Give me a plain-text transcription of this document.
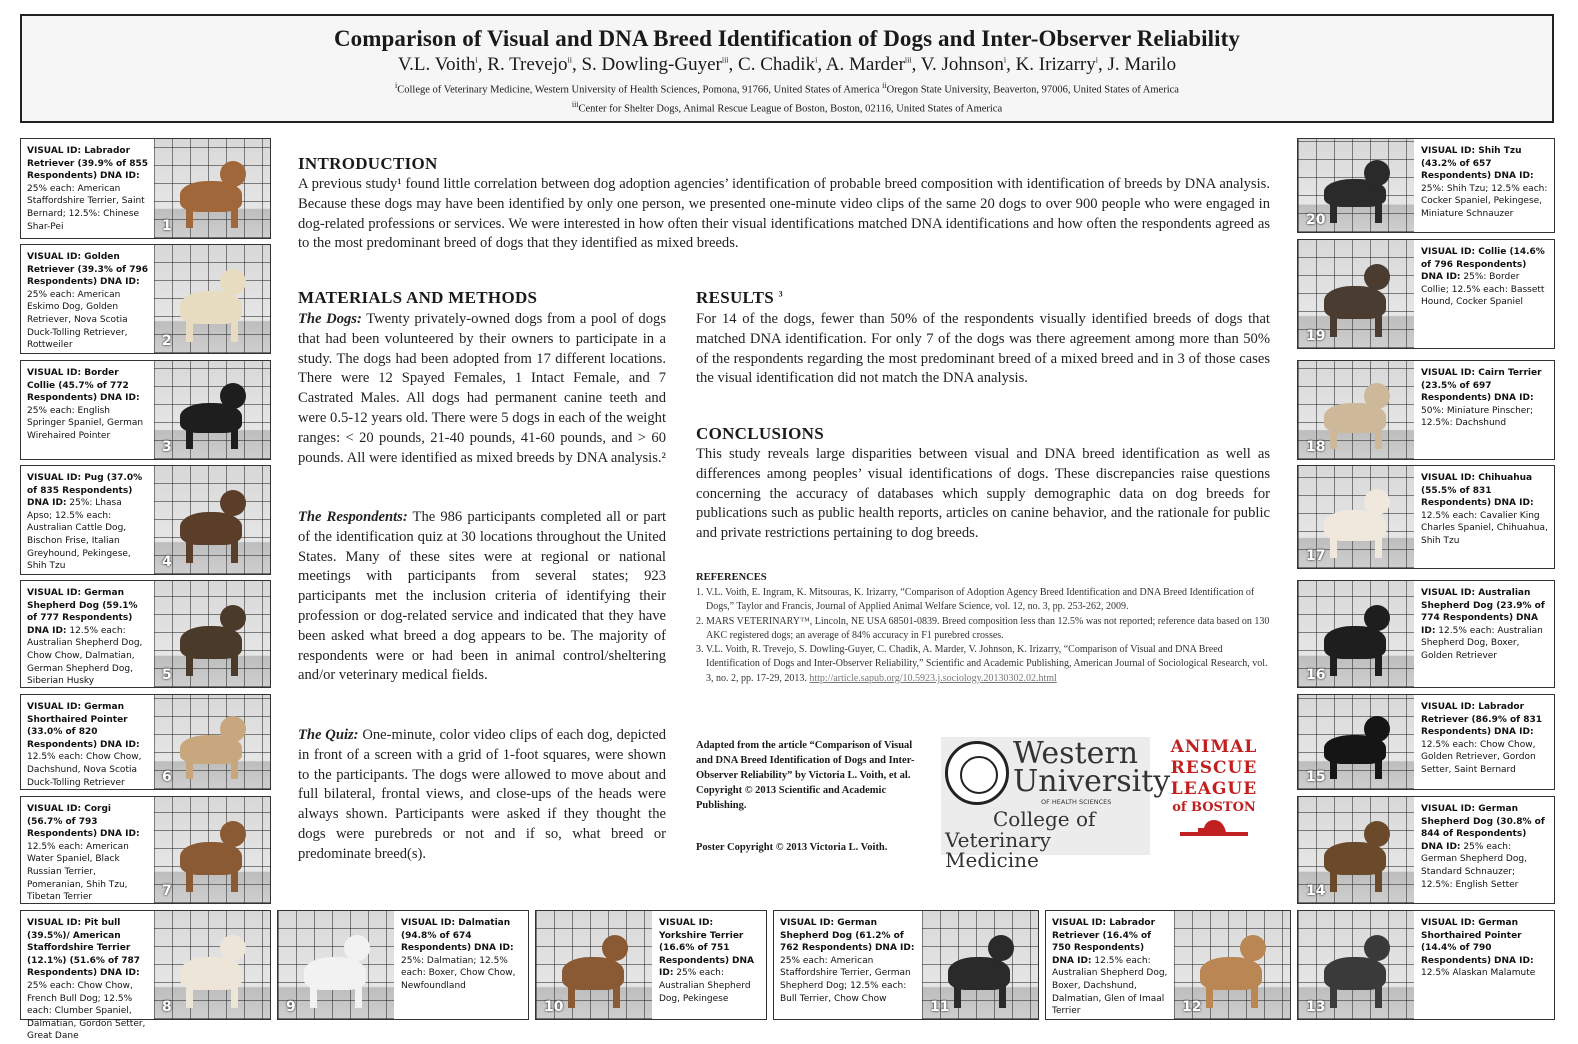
Comparison of Visual and DNA Breed Identification of Dogs and Inter-Observer Reliability
V.L. Voith$^i$, R. Trevejo$^{ii}$, S. Dowling-Guyer$^{iii}$, C. Chadik$^i$, A. Marder$^{iii}$, V. Johnson$^i$, K. Irizarry$^i$, J. Marilo
$^i$College of Veterinary Medicine, Western University of Health Sciences, Pomona, 91766, United States of America $^{ii}$Oregon State University, Beaverton, 97006, United States of America
$^{iii}$Center for Shelter Dogs, Animal Rescue League of Boston, Boston, 02116, United States of America
VISUAL ID: Labrador Retriever (39.9% of 855 Respondents) DNA ID: 25% each: American Staffordshire Terrier, Saint Bernard; 12.5%: Chinese Shar-Pei	1
VISUAL ID: Golden Retriever (39.3% of 796 Respondents) DNA ID: 25% each: American Eskimo Dog, Golden Retriever, Nova Scotia Duck-Tolling Retriever, Rottweiler	2
VISUAL ID: Border Collie (45.7% of 772 Respondents) DNA ID: 25% each: English Springer Spaniel, German Wirehaired Pointer
3
VISUAL ID: Pug (37.0% of 835 Respondents) DNA ID: 25%: Lhasa Apso; 12.5% each: Australian Cattle Dog, Bischon Frise, Italian Greyhound, Pekingese, Shih Tzu	4
VISUAL ID: German Shepherd Dog (59.1% of 777 Respondents) DNA ID: 12.5% each: Australian Shepherd Dog, Chow Chow, Dalmatian, German Shepherd Dog, Siberian Husky	5
VISUAL ID: German Shorthaired Pointer (33.0% of 820 Respondents) DNA ID: 12.5% each: Chow Chow, Dachshund, Nova Scotia Duck-Tolling Retriever	6
VISUAL ID: Corgi (56.7% of 793 Respondents) DNA ID: 12.5% each: American Water Spaniel, Black Russian Terrier, Pomeranian, Shih Tzu, Tibetan Terrier	7
VISUAL ID: Pit bull (39.5%)/ American Staffordshire Terrier (12.1%) (51.6% of 787 Respondents) DNA ID: 25% each: Chow Chow, French Bull Dog; 12.5% each: Clumber Spaniel, Dalmatian, Gordon Setter, Great Dane
8
VISUAL ID: Dalmatian (94.8% of 674 Respondents) DNA ID: 25%: Dalmatian; 12.5% each: Boxer, Chow Chow, Newfoundland
9
VISUAL ID: Yorkshire Terrier (16.6% of 751 Respondents) DNA ID: 25% each: Australian Shepherd Dog, Pekingese
10
VISUAL ID: German Shepherd Dog (61.2% of 762 Respondents) DNA ID: 25% each: American Staffordshire Terrier, German Shepherd Dog; 12.5% each: Bull Terrier, Chow Chow
11
VISUAL ID: Labrador Retriever (16.4% of 750 Respondents) DNA ID: 12.5% each: Australian Shepherd Dog, Boxer, Dachshund, Dalmatian, Glen of Imaal Terrier	12
VISUAL ID: German Shorthaired Pointer (14.4% of 790 Respondents) DNA ID: 12.5% Alaskan Malamute
13
VISUAL ID: German Shepherd Dog (30.8% of 844 of Respondents) DNA ID: 25% each: German Shepherd Dog, Standard Schnauzer; 12.5%: English Setter
14
VISUAL ID: Labrador Retriever (86.9% of 831 Respondents) DNA ID: 12.5% each: Chow Chow, Golden Retriever, Gordon Setter, Saint Bernard
15
VISUAL ID: Australian Shepherd Dog (23.9% of 774 Respondents) DNA ID: 12.5% each: Australian Shepherd Dog, Boxer, Golden Retriever
16
VISUAL ID: Chihuahua (55.5% of 831 Respondents) DNA ID: 12.5% each: Cavalier King Charles Spaniel, Chihuahua, Shih Tzu
17
VISUAL ID: Cairn Terrier (23.5% of 697 Respondents) DNA ID: 50%: Miniature Pinscher; 12.5%: Dachshund
18
VISUAL ID: Collie (14.6% of 796 Respondents) DNA ID: 25%: Border Collie; 12.5% each: Bassett Hound, Cocker Spaniel
19
VISUAL ID: Shih Tzu (43.2% of 657 Respondents) DNA ID: 25%: Shih Tzu; 12.5% each: Cocker Spaniel, Pekingese, Miniature Schnauzer
20
INTRODUCTION
A previous study¹ found little correlation between dog adoption agencies’ identification of probable breed composition with identification of breeds by DNA analysis. Because these dogs may have been identified by only one person, we presented one-minute video clips of the same 20 dogs to over 900 people who were engaged in dog-related professions or services. We were interested in how often their visual identifications matched DNA identifications and how often the respondents agreed as to the most predominant breed of dogs that they identified as mixed breeds.
MATERIALS AND METHODS
The Dogs: Twenty privately-owned dogs from a pool of dogs that had been volunteered by their owners to participate in a study. The dogs had been adopted from 17 different locations. There were 12 Spayed Females, 1 Intact Female, and 7 Castrated Males. All dogs had permanent canine teeth and were 0.5-12 years old. There were 5 dogs in each of the weight ranges: < 20 pounds, 21-40 pounds, 41-60 pounds, and > 60 pounds. All were identified as mixed breeds by DNA analysis.²
The Respondents: The 986 participants completed all or part of the identification quiz at 30 locations throughout the United States. Many of these sites were at regional or national meetings with participants from several states; 923 participants met the inclusion criteria of identifying their profession or dog-related service and indicated that they have been asked what breed a dog appears to be. The majority of respondents were or had been in animal control/sheltering and/or veterinary medical fields.
The Quiz: One-minute, color video clips of each dog, depicted in front of a screen with a grid of 1-foot squares, were shown to the participants. The dogs were allowed to move about and full bilateral, frontal views, and close-ups of the heads were always shown. Participants were asked if they thought the dogs were purebreds or not and if so, what breed or predominate breed(s).
RESULTS $^3$
For 14 of the dogs, fewer than 50% of the respondents visually identified breeds of dogs that matched DNA identification. For only 7 of the dogs was there agreement among more than 50% of the respondents regarding the most predominant breed of a mixed breed and in 3 of those cases the visual identification did not match the DNA analysis.
CONCLUSIONS
This study reveals large disparities between visual and DNA breed identification as well as differences among peoples’ visual identifications of dogs. These discrepancies raise questions concerning the accuracy of databases which supply demographic data on dog breeds for publications such as public health reports, articles on canine behavior, and the rationale for public and private restrictions pertaining to dog breeds.
REFERENCES
1. V.L. Voith, E. Ingram, K. Mitsouras, K. Irizarry, “Comparison of Adoption Agency Breed Identification and DNA Breed Identification of Dogs,” Taylor and Francis, Journal of Applied Animal Welfare Science, vol. 12, no. 3, pp. 253-262, 2009.
2. MARS VETERINARY™, Lincoln, NE USA 68501-0839. Breed composition less than 12.5% was not reported; reference data based on 130 AKC registered dogs; an average of 84% accuracy in F1 purebred crosses.
3. V.L. Voith, R. Trevejo, S. Dowling-Guyer, C. Chadik, A. Marder, V. Johnson, K. Irizarry, “Comparison of Visual and DNA Breed Identification of Dogs and Inter-Observer Reliability,” Scientific and Academic Publishing, American Journal of Sociological Research, vol. 3, no. 2, pp. 17-29, 2013. http://article.sapub.org/10.5923.j.sociology.20130302.02.html
Adapted from the article “Comparison of Visual and DNA Breed Identification of Dogs and Inter-Observer Reliability” by Victoria L. Voith, et al. Copyright © 2013 Scientific and Academic Publishing.
Poster Copyright © 2013 Victoria L. Voith.
Western
University
OF HEALTH SCIENCES
College of
Veterinary Medicine
ANIMAL
RESCUE
LEAGUE
of BOSTON
